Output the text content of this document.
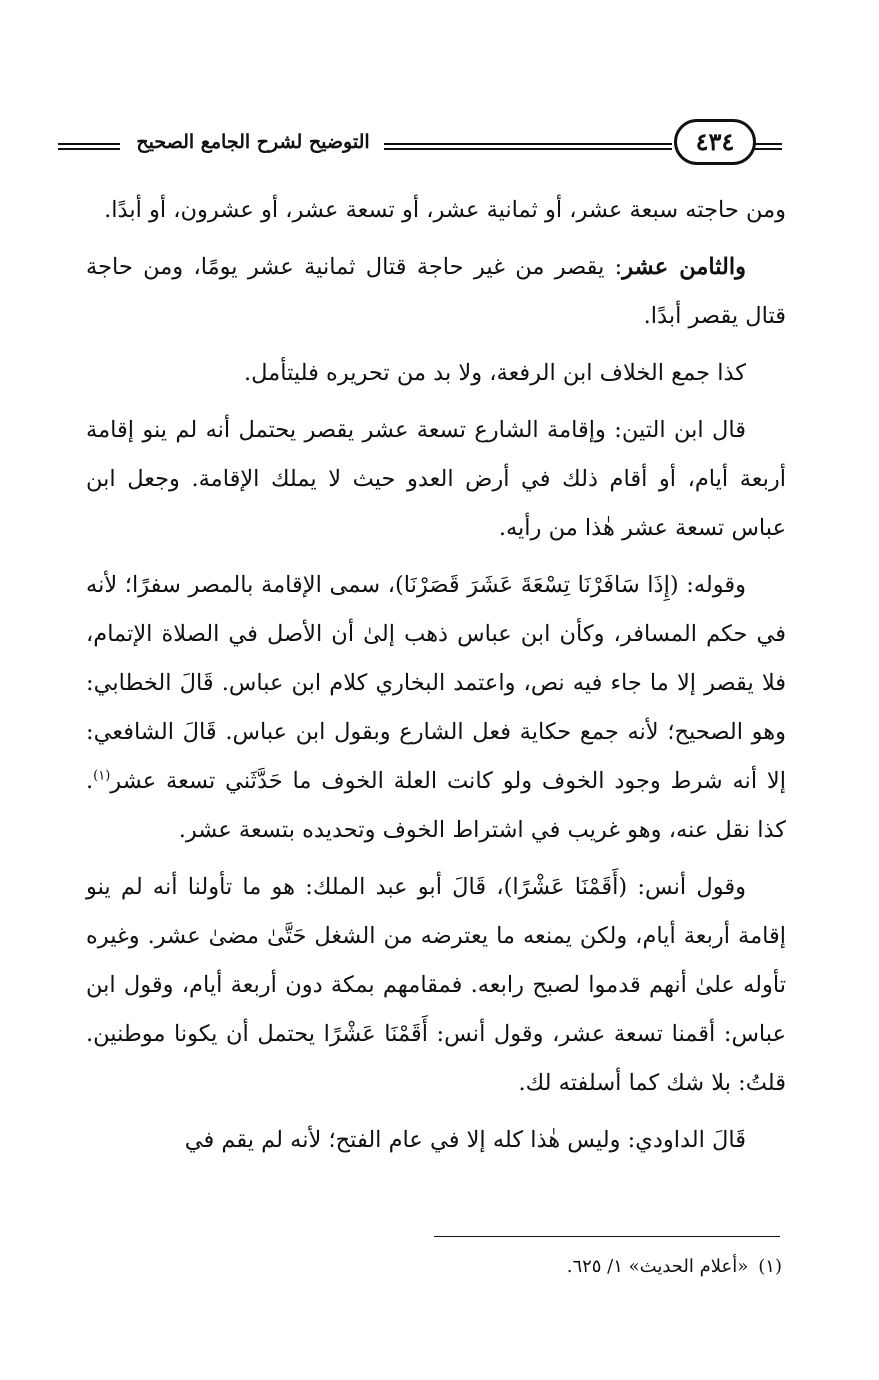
التوضيح لشرح الجامع الصحيح	٤٣٤

ومن حاجته سبعة عشر، أو ثمانية عشر، أو تسعة عشر، أو عشرون، أو أبدًا.

والثامن عشر: يقصر من غير حاجة قتال ثمانية عشر يومًا، ومن حاجة قتال يقصر أبدًا.

كذا جمع الخلاف ابن الرفعة، ولا بد من تحريره فليتأمل.

قال ابن التين: وإقامة الشارع تسعة عشر يقصر يحتمل أنه لم ينو إقامة أربعة أيام، أو أقام ذلك في أرض العدو حيث لا يملك الإقامة. وجعل ابن عباس تسعة عشر هٰذا من رأيه.

وقوله: (إِذَا سَافَرْنَا تِسْعَةَ عَشَرَ قَصَرْنَا)، سمى الإقامة بالمصر سفرًا؛ لأنه في حكم المسافر، وكأن ابن عباس ذهب إلىٰ أن الأصل في الصلاة الإتمام، فلا يقصر إلا ما جاء فيه نص، واعتمد البخاري كلام ابن عباس. قَالَ الخطابي: وهو الصحيح؛ لأنه جمع حكاية فعل الشارع وبقول ابن عباس. قَالَ الشافعي: إلا أنه شرط وجود الخوف ولو كانت العلة الخوف ما حَدَّثَني تسعة عشر$^{(١)}$. كذا نقل عنه، وهو غريب في اشتراط الخوف وتحديده بتسعة عشر.

وقول أنس: (أَقَمْنَا عَشْرًا)، قَالَ أبو عبد الملك: هو ما تأولنا أنه لم ينو إقامة أربعة أيام، ولكن يمنعه ما يعترضه من الشغل حَتَّىٰ مضىٰ عشر. وغيره تأوله علىٰ أنهم قدموا لصبح رابعه. فمقامهم بمكة دون أربعة أيام، وقول ابن عباس: أقمنا تسعة عشر، وقول أنس: أَقَمْنَا عَشْرًا يحتمل أن يكونا موطنين. قلتُ: بلا شك كما أسلفته لك.

قَالَ الداودي: وليس هٰذا كله إلا في عام الفتح؛ لأنه لم يقم في

(١)«أعلام الحديث» ١/ ٦٢٥.
